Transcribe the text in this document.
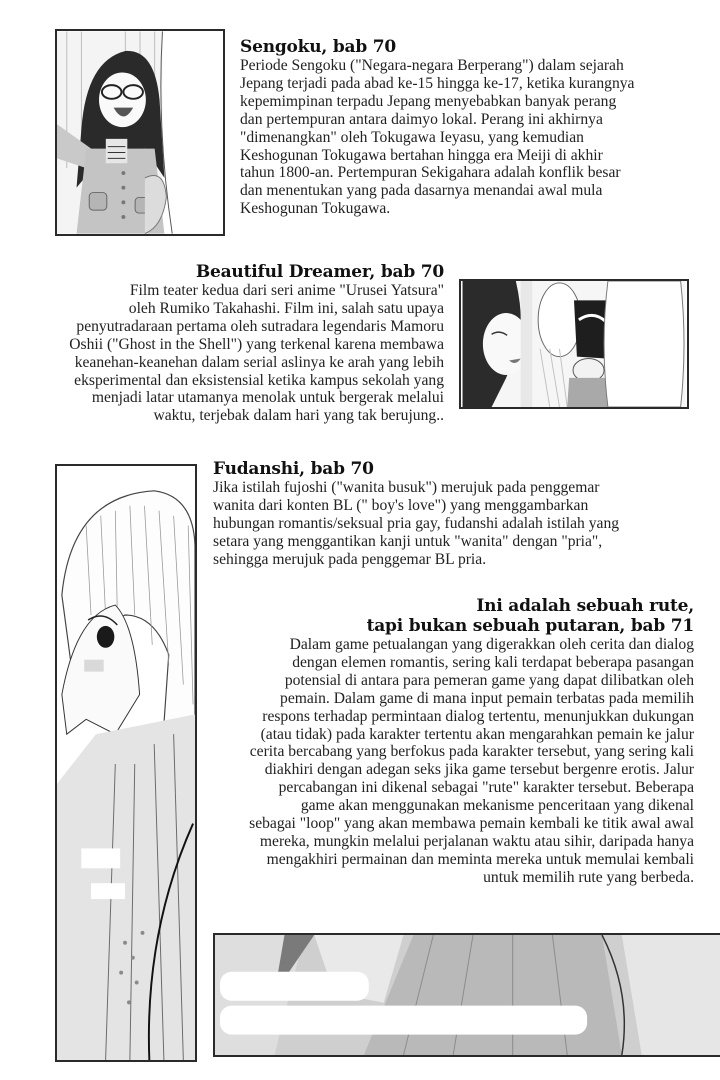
Sengoku, bab 70

Periode Sengoku ("Negara-negara Berperang") dalam sejarah
Jepang terjadi pada abad ke-15 hingga ke-17, ketika kurangnya
kepemimpinan terpadu Jepang menyebabkan banyak perang
dan pertempuran antara daimyo lokal. Perang ini akhirnya
"dimenangkan" oleh Tokugawa Ieyasu, yang kemudian
Keshogunan Tokugawa bertahan hingga era Meiji di akhir
tahun 1800-an. Pertempuran Sekigahara adalah konflik besar
dan menentukan yang pada dasarnya menandai awal mula
Keshogunan Tokugawa.

Beautiful Dreamer, bab 70

Film teater kedua dari seri anime "Urusei Yatsura"
oleh Rumiko Takahashi. Film ini, salah satu upaya
penyutradaraan pertama oleh sutradara legendaris Mamoru
Oshii ("Ghost in the Shell") yang terkenal karena membawa
keanehan-keanehan dalam serial aslinya ke arah yang lebih
eksperimental dan eksistensial ketika kampus sekolah yang
menjadi latar utamanya menolak untuk bergerak melalui
waktu, terjebak dalam hari yang tak berujung..

Fudanshi, bab 70

Jika istilah fujoshi ("wanita busuk") merujuk pada penggemar
wanita dari konten BL (" boy's love") yang menggambarkan
hubungan romantis/seksual pria gay, fudanshi adalah istilah yang
setara yang menggantikan kanji untuk "wanita" dengan "pria",
sehingga merujuk pada penggemar BL pria.

Ini adalah sebuah rute,
tapi bukan sebuah putaran, bab 71

Dalam game petualangan yang digerakkan oleh cerita dan dialog
dengan elemen romantis, sering kali terdapat beberapa pasangan
potensial di antara para pemeran game yang dapat dilibatkan oleh
pemain. Dalam game di mana input pemain terbatas pada memilih
respons terhadap permintaan dialog tertentu, menunjukkan dukungan
(atau tidak) pada karakter tertentu akan mengarahkan pemain ke jalur
cerita bercabang yang berfokus pada karakter tersebut, yang sering kali
diakhiri dengan adegan seks jika game tersebut bergenre erotis. Jalur
percabangan ini dikenal sebagai "rute" karakter tersebut. Beberapa
game akan menggunakan mekanisme penceritaan yang dikenal
sebagai "loop" yang akan membawa pemain kembali ke titik awal awal
mereka, mungkin melalui perjalanan waktu atau sihir, daripada hanya
mengakhiri permainan dan meminta mereka untuk memulai kembali
untuk memilih rute yang berbeda.
